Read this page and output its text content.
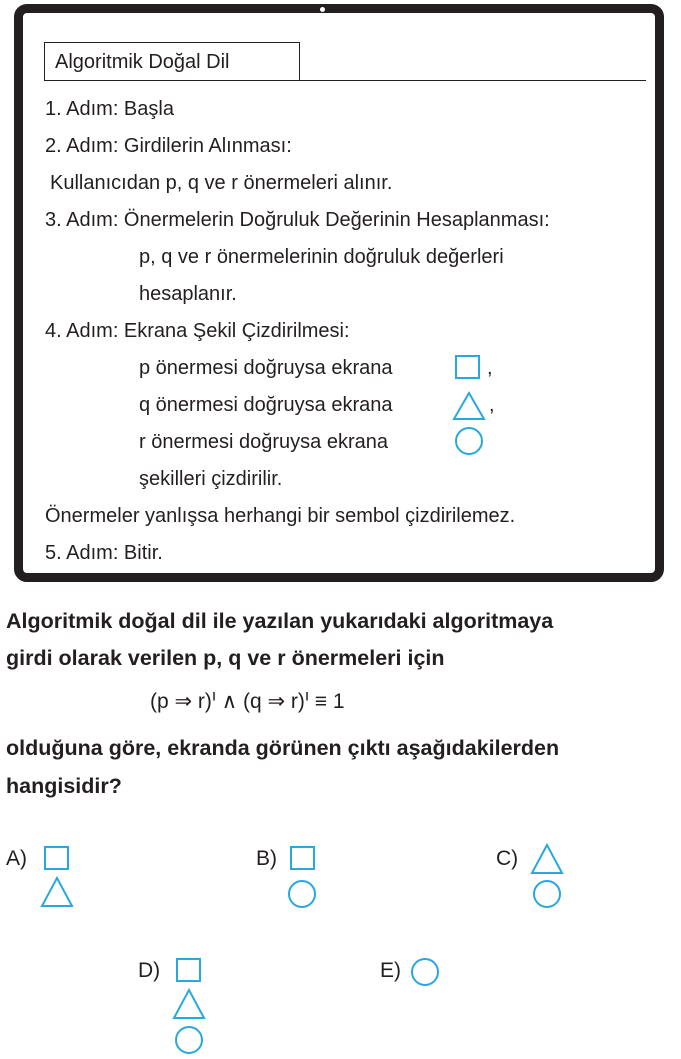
Algoritmik Doğal Dil
1. Adım: Başla
2. Adım: Girdilerin Alınması:
Kullanıcıdan p, q ve r önermeleri alınır.
3. Adım: Önermelerin Doğruluk Değerinin Hesaplanması:
p, q ve r önermelerinin doğruluk değerleri
hesaplanır.
4. Adım: Ekrana Şekil Çizdirilmesi:
p önermesi doğruysa ekrana	,
q önermesi doğruysa ekrana	,
r önermesi doğruysa ekrana
şekilleri çizdirilir.
Önermeler yanlışsa herhangi bir sembol çizdirilemez.
5. Adım: Bitir.
Algoritmik doğal dil ile yazılan yukarıdaki algoritmaya
girdi olarak verilen p, q ve r önermeleri için
(p ⇒ r)ᑊ ∧ (q ⇒ r)ᑊ ≡ 1
olduğuna göre, ekranda görünen çıktı aşağıdakilerden
hangisidir?
A)	B)	C)
D)	E)
